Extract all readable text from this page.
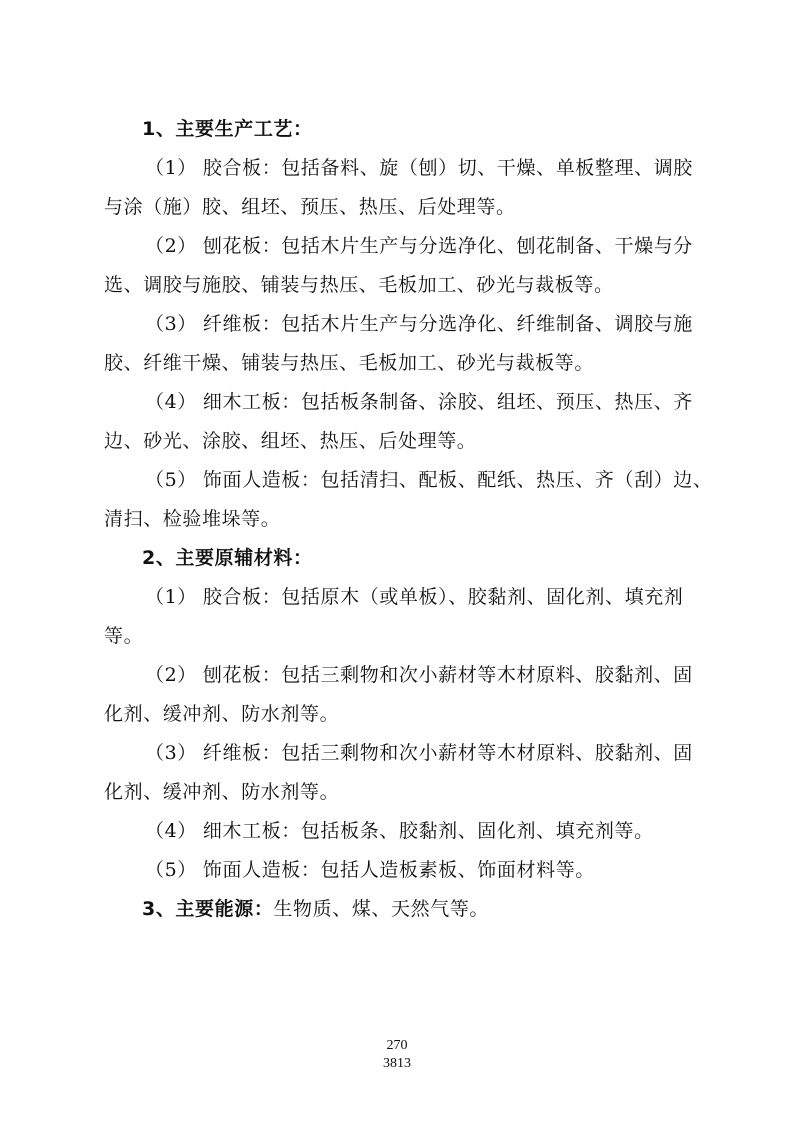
1、主要生产工艺：
（1） 胶合板：包括备料、旋（刨）切、干燥、单板整理、调胶
与涂（施）胶、组坯、预压、热压、后处理等。
（2） 刨花板：包括木片生产与分选净化、刨花制备、干燥与分
选、调胶与施胶、铺装与热压、毛板加工、砂光与裁板等。
（3） 纤维板：包括木片生产与分选净化、纤维制备、调胶与施
胶、纤维干燥、铺装与热压、毛板加工、砂光与裁板等。
（4） 细木工板：包括板条制备、涂胶、组坯、预压、热压、齐
边、砂光、涂胶、组坯、热压、后处理等。
（5） 饰面人造板：包括清扫、配板、配纸、热压、齐（刮）边、
清扫、检验堆垛等。
2、主要原辅材料：
（1） 胶合板：包括原木（或单板）、胶黏剂、固化剂、填充剂
等。
（2） 刨花板：包括三剩物和次小薪材等木材原料、胶黏剂、固
化剂、缓冲剂、防水剂等。
（3） 纤维板：包括三剩物和次小薪材等木材原料、胶黏剂、固
化剂、缓冲剂、防水剂等。
（4） 细木工板：包括板条、胶黏剂、固化剂、填充剂等。
（5） 饰面人造板：包括人造板素板、饰面材料等。
3、主要能源：生物质、煤、天然气等。
270
3813
